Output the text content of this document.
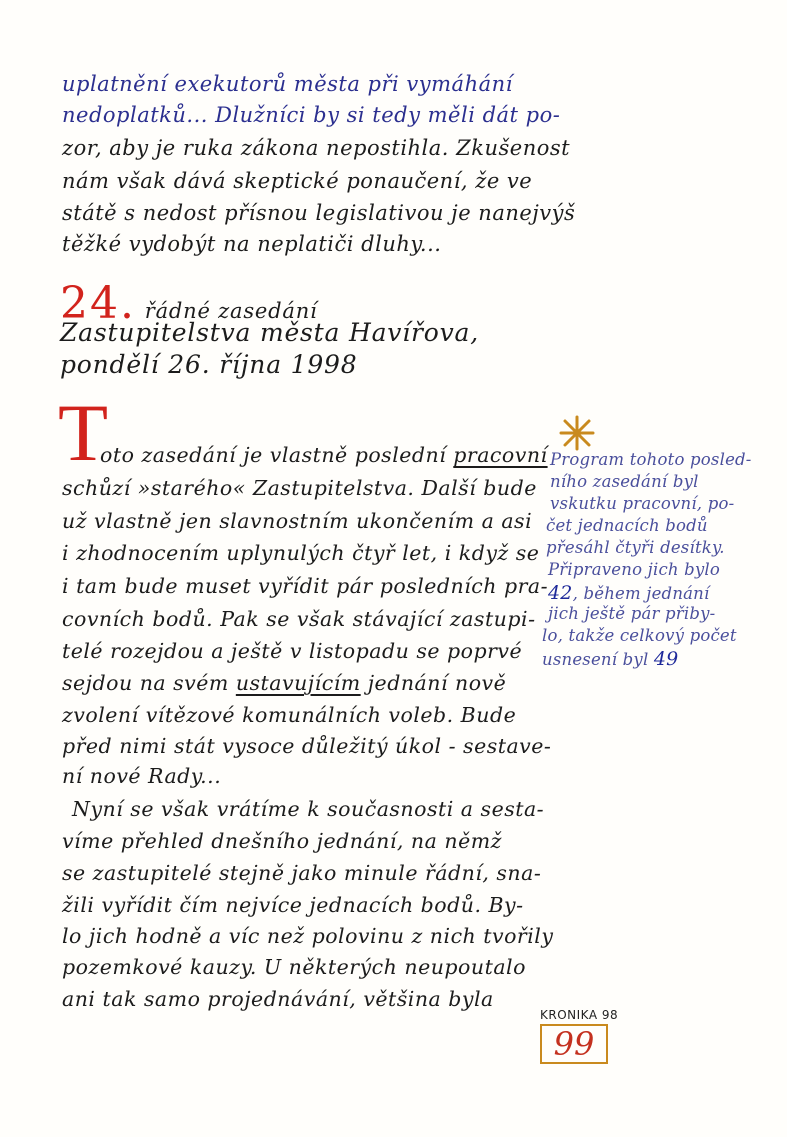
uplatnění exekutorů města při vymáhání
nedoplatků... Dlužníci by si tedy měli dát po-
zor, aby je ruka zákona nepostihla. Zkušenost
nám však dává skeptické ponaučení, že ve
státě s nedost přísnou legislativou je nanejvýš
těžké vydobýt na neplatiči dluhy...
24. řádné zasedání
Zastupitelstva města Havířova,
pondělí 26. října 1998
T
oto zasedání je vlastně poslední pracovní
schůzí »starého« Zastupitelstva. Další bude
už vlastně jen slavnostním ukončením a asi
i zhodnocením uplynulých čtyř let, i když se
i tam bude muset vyřídit pár posledních pra-
covních bodů. Pak se však stávající zastupi-
telé rozejdou a ještě v listopadu se poprvé
sejdou na svém ustavujícím jednání nově
zvolení vítězové komunálních voleb. Bude
před nimi stát vysoce důležitý úkol - sestave-
ní nové Rady...
Nyní se však vrátíme k současnosti a sesta-
víme přehled dnešního jednání, na němž
se zastupitelé stejně jako minule řádní, sna-
žili vyřídit čím nejvíce jednacích bodů. By-
lo jich hodně a víc než polovinu z nich tvořily
pozemkové kauzy. U některých neupoutalo
ani tak samo projednávání, většina byla
Program tohoto posled-
ního zasedání byl
vskutku pracovní, po-
čet jednacích bodů
přesáhl čtyři desítky.
Připraveno jich bylo
42, během jednání
jich ještě pár přiby-
lo, takže celkový počet
usnesení byl 49
KRONIKA 98
99
